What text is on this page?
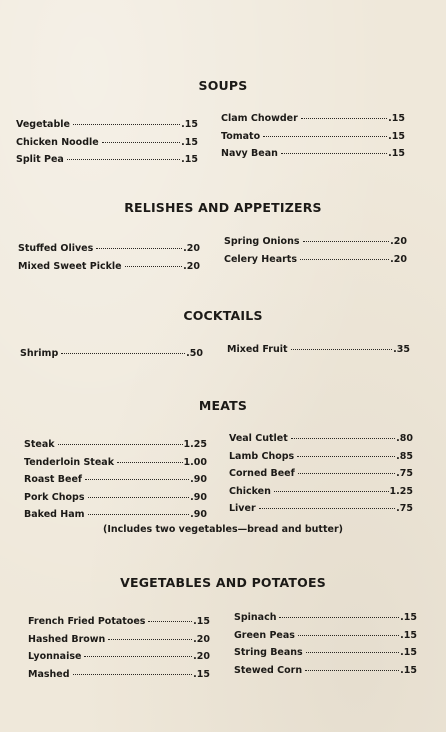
SOUPS
Vegetable	.15
Chicken Noodle	.15
Split Pea	.15
Clam Chowder	.15
Tomato	.15
Navy Bean	.15
RELISHES AND APPETIZERS
Stuffed Olives	.20
Mixed Sweet Pickle	.20
Spring Onions	.20
Celery Hearts	.20
COCKTAILS
Shrimp	.50	Mixed Fruit	.35
MEATS
Steak	1.25
Tenderloin Steak	1.00
Roast Beef	.90
Pork Chops	.90
Baked Ham	.90
Veal Cutlet	.80
Lamb Chops	.85
Corned Beef	.75
Chicken	1.25
Liver	.75
(Includes two vegetables—bread and butter)
VEGETABLES AND POTATOES
French Fried Potatoes	.15
Hashed Brown	.20
Lyonnaise	.20
Mashed	.15
Spinach	.15
Green Peas	.15
String Beans	.15
Stewed Corn	.15
